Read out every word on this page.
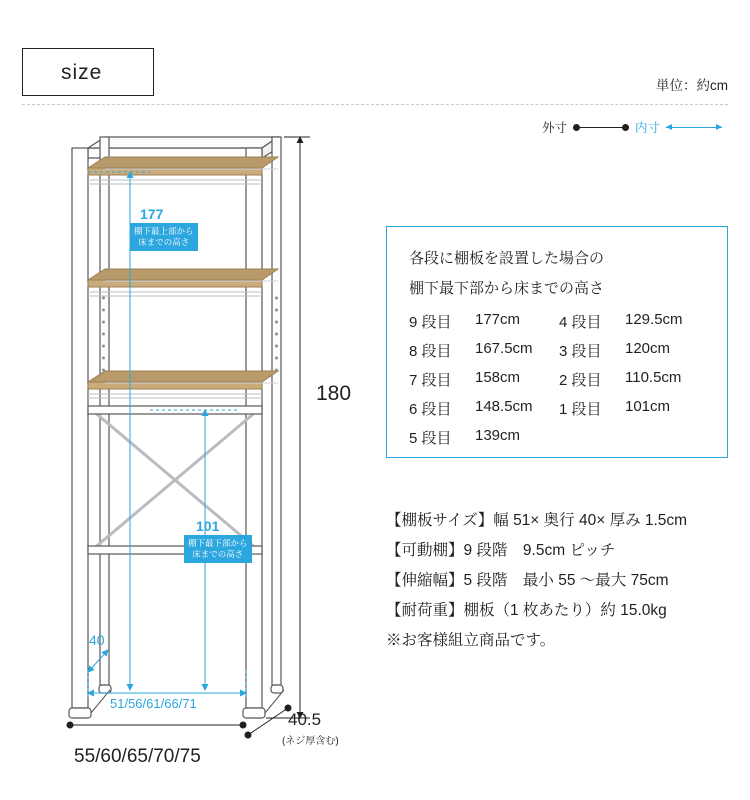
size
単位：約cm
外寸	内寸
各段に棚板を設置した場合の
棚下最下部から床までの高さ
9 段目	177cm	4 段目	129.5cm
8 段目	167.5cm 3 段目	120cm
7 段目	158cm	2 段目	110.5cm
6 段目	148.5cm 1 段目	101cm
5 段目	139cm
【棚板サイズ】幅 51× 奥行 40× 厚み 1.5cm
【可動棚】9 段階　9.5cm ピッチ
【伸縮幅】5 段階　最小 55 ～最大 75cm
【耐荷重】棚板（1 枚あたり）約 15.0kg
※お客様組立商品です。
177
棚下最上部から
床までの高さ
101
棚下最下部から
床までの高さ
40
51/56/61/66/71
180
40.5
(ネジ厚含む)
55/60/65/70/75
